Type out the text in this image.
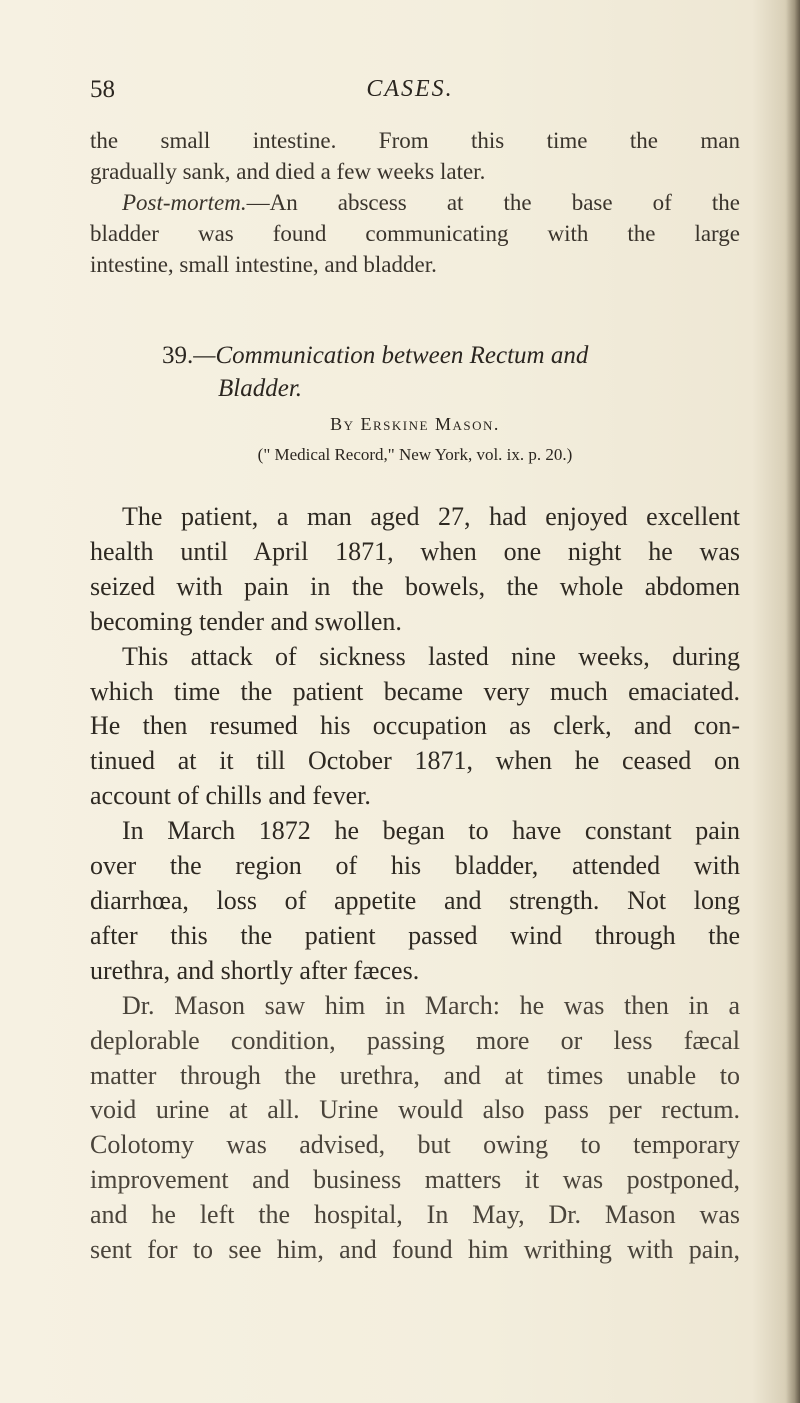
58	CASES.
the small intestine. From this time the man
gradually sank, and died a few weeks later.
Post-mortem.—An abscess at the base of the
bladder was found communicating with the large
intestine, small intestine, and bladder.
39.—Communication between Rectum and
Bladder.
By Erskine Mason.
(" Medical Record," New York, vol. ix. p. 20.)
The patient, a man aged 27, had enjoyed excellent
health until April 1871, when one night he was
seized with pain in the bowels, the whole abdomen
becoming tender and swollen.
This attack of sickness lasted nine weeks, during
which time the patient became very much emaciated.
He then resumed his occupation as clerk, and con-
tinued at it till October 1871, when he ceased on
account of chills and fever.
In March 1872 he began to have constant pain
over the region of his bladder, attended with
diarrhœa, loss of appetite and strength. Not long
after this the patient passed wind through the
urethra, and shortly after fæces.
Dr. Mason saw him in March: he was then in a
deplorable condition, passing more or less fæcal
matter through the urethra, and at times unable to
void urine at all. Urine would also pass per rectum.
Colotomy was advised, but owing to temporary
improvement and business matters it was postponed,
and he left the hospital, In May, Dr. Mason was
sent for to see him, and found him writhing with pain,
